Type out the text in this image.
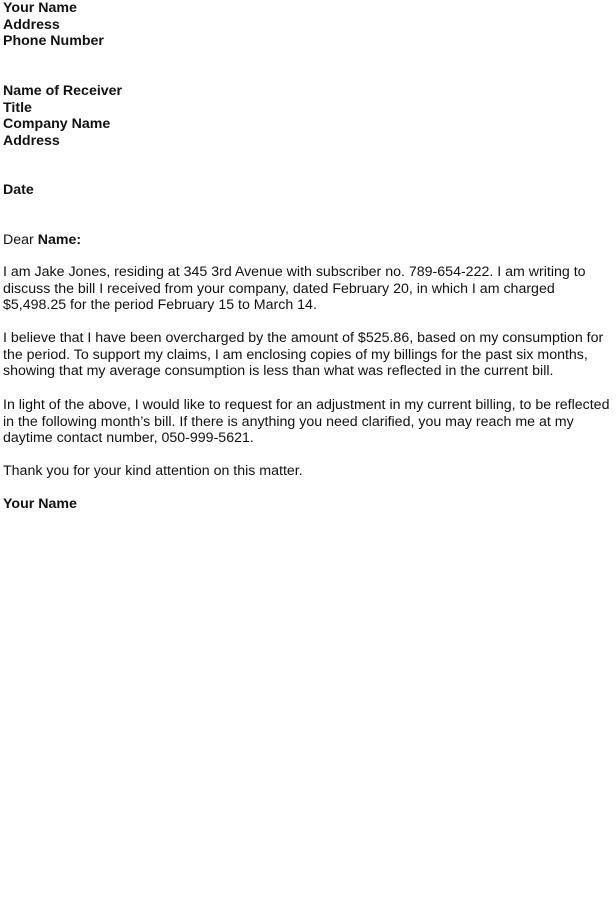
Your Name
Address
Phone Number
Name of Receiver
Title
Company Name
Address
Date
Dear Name:

I am Jake Jones, residing at 345 3rd Avenue with subscriber no. 789-654-222. I am writing to discuss the bill I received from your company, dated February 20, in which I am charged $5,498.25 for the period February 15 to March 14.

I believe that I have been overcharged by the amount of $525.86, based on my consumption for the period. To support my claims, I am enclosing copies of my billings for the past six months, showing that my average consumption is less than what was reflected in the current bill.

In light of the above, I would like to request for an adjustment in my current billing, to be reflected in the following month’s bill. If there is anything you need clarified, you may reach me at my daytime contact number, 050-999-5621.

Thank you for your kind attention on this matter.

Your Name
